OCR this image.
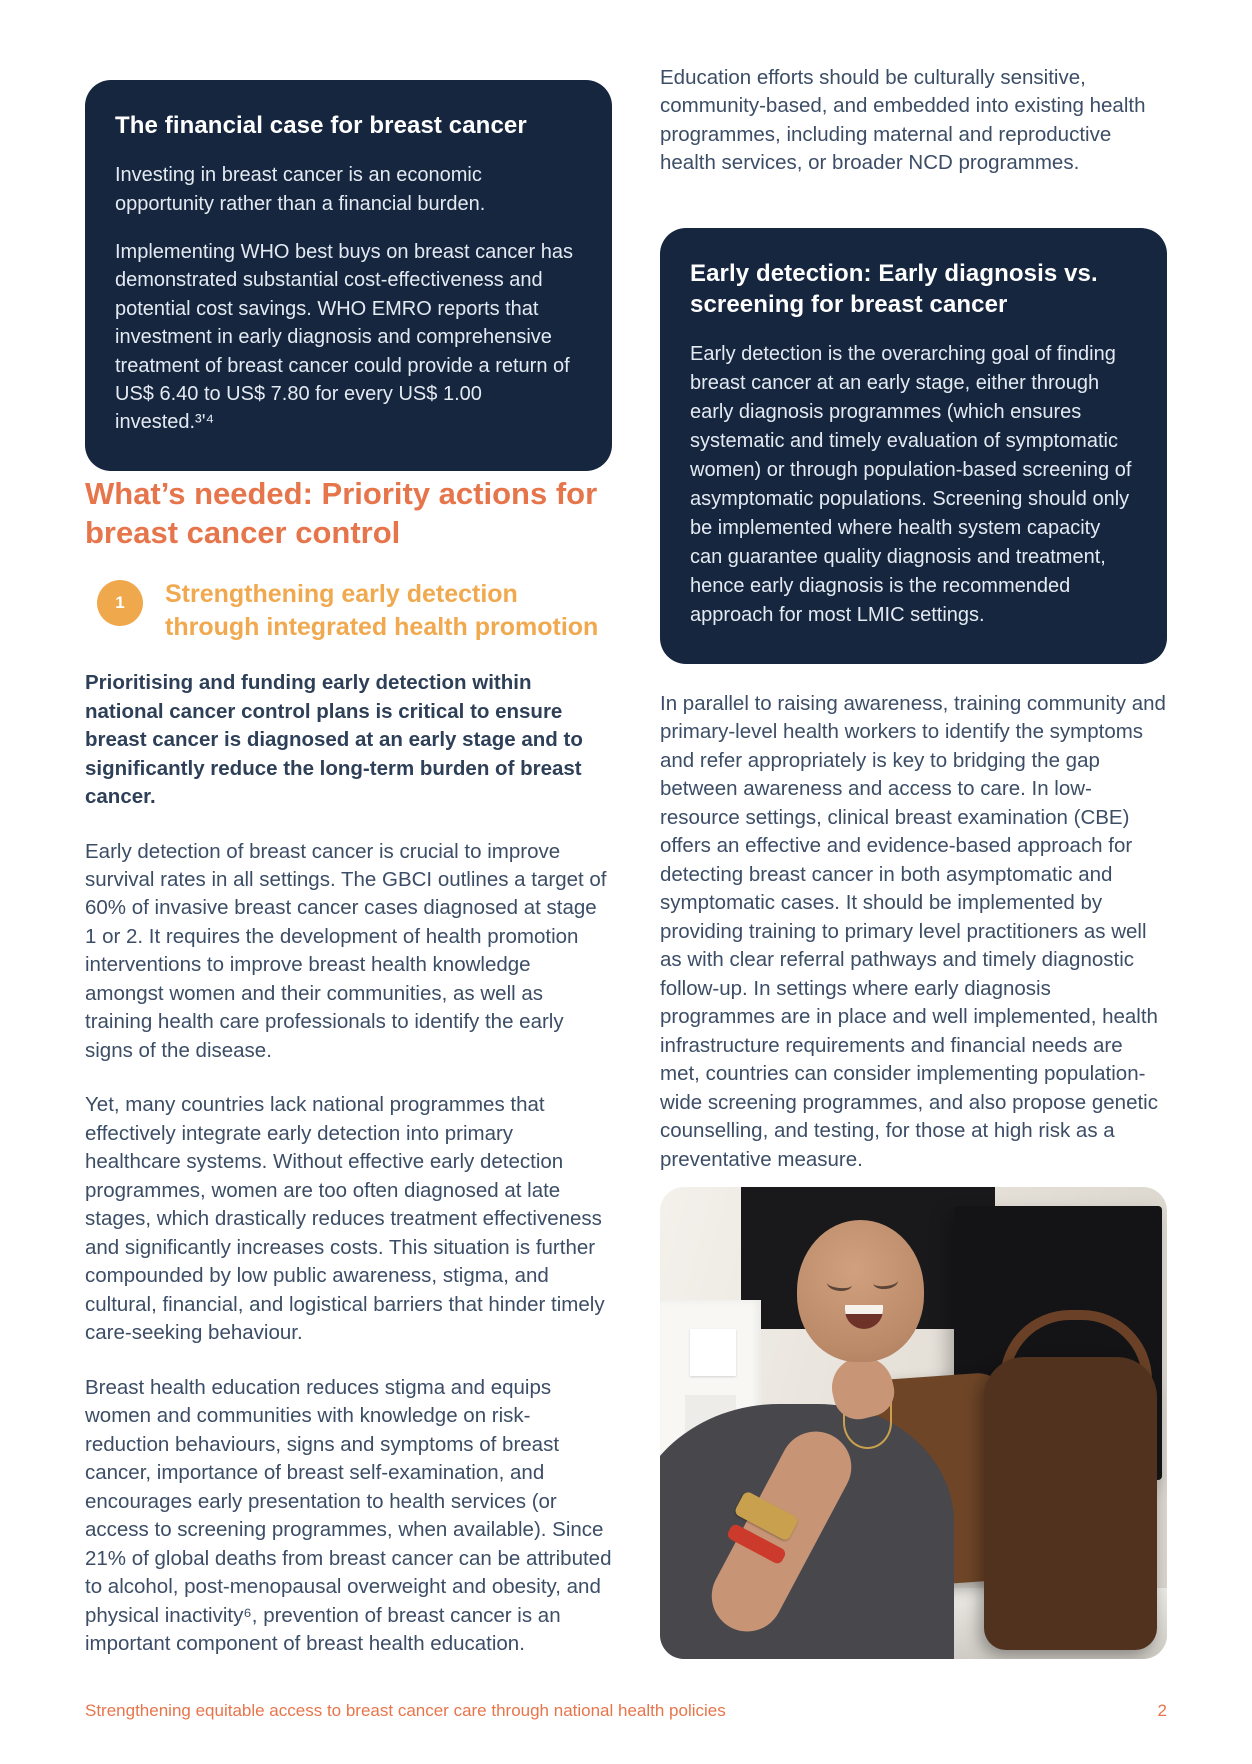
The financial case for breast cancer

Investing in breast cancer is an economic opportunity rather than a financial burden.

Implementing WHO best buys on breast cancer has demonstrated substantial cost-effectiveness and potential cost savings. WHO EMRO reports that investment in early diagnosis and comprehensive treatment of breast cancer could provide a return of US$ 6.40 to US$ 7.80 for every US$ 1.00 invested.³ʹ⁴

What’s needed: Priority actions for breast cancer control
1	Strengthening early detection through integrated health promotion

Prioritising and funding early detection within national cancer control plans is critical to ensure breast cancer is diagnosed at an early stage and to significantly reduce the long-term burden of breast cancer.

Early detection of breast cancer is crucial to improve survival rates in all settings. The GBCI outlines a target of 60% of invasive breast cancer cases diagnosed at stage 1 or 2. It requires the development of health promotion interventions to improve breast health knowledge amongst women and their communities, as well as training health care professionals to identify the early signs of the disease.

Yet, many countries lack national programmes that effectively integrate early detection into primary healthcare systems. Without effective early detection programmes, women are too often diagnosed at late stages, which drastically reduces treatment effectiveness and significantly increases costs. This situation is further compounded by low public awareness, stigma, and cultural, financial, and logistical barriers that hinder timely care-seeking behaviour.

Breast health education reduces stigma and equips women and communities with knowledge on risk-reduction behaviours, signs and symptoms of breast cancer, importance of breast self-examination, and encourages early presentation to health services (or access to screening programmes, when available). Since 21% of global deaths from breast cancer can be attributed to alcohol, post-menopausal overweight and obesity, and physical inactivity⁶, prevention of breast cancer is an important component of breast health education.

Education efforts should be culturally sensitive, community-based, and embedded into existing health programmes, including maternal and reproductive health services, or broader NCD programmes.

Early detection: Early diagnosis vs. screening for breast cancer

Early detection is the overarching goal of finding breast cancer at an early stage, either through early diagnosis programmes (which ensures systematic and timely evaluation of symptomatic women) or through population-based screening of asymptomatic populations. Screening should only be implemented where health system capacity can guarantee quality diagnosis and treatment, hence early diagnosis is the recommended approach for most LMIC settings.

In parallel to raising awareness, training community and primary-level health workers to identify the symptoms and refer appropriately is key to bridging the gap between awareness and access to care. In low-resource settings, clinical breast examination (CBE) offers an effective and evidence-based approach for detecting breast cancer in both asymptomatic and symptomatic cases. It should be implemented by providing training to primary level practitioners as well as with clear referral pathways and timely diagnostic follow-up. In settings where early diagnosis programmes are in place and well implemented, health infrastructure requirements and financial needs are met, countries can consider implementing population-wide screening programmes, and also propose genetic counselling, and testing, for those at high risk as a preventative measure.

Strengthening equitable access to breast cancer care through national health policies	2
